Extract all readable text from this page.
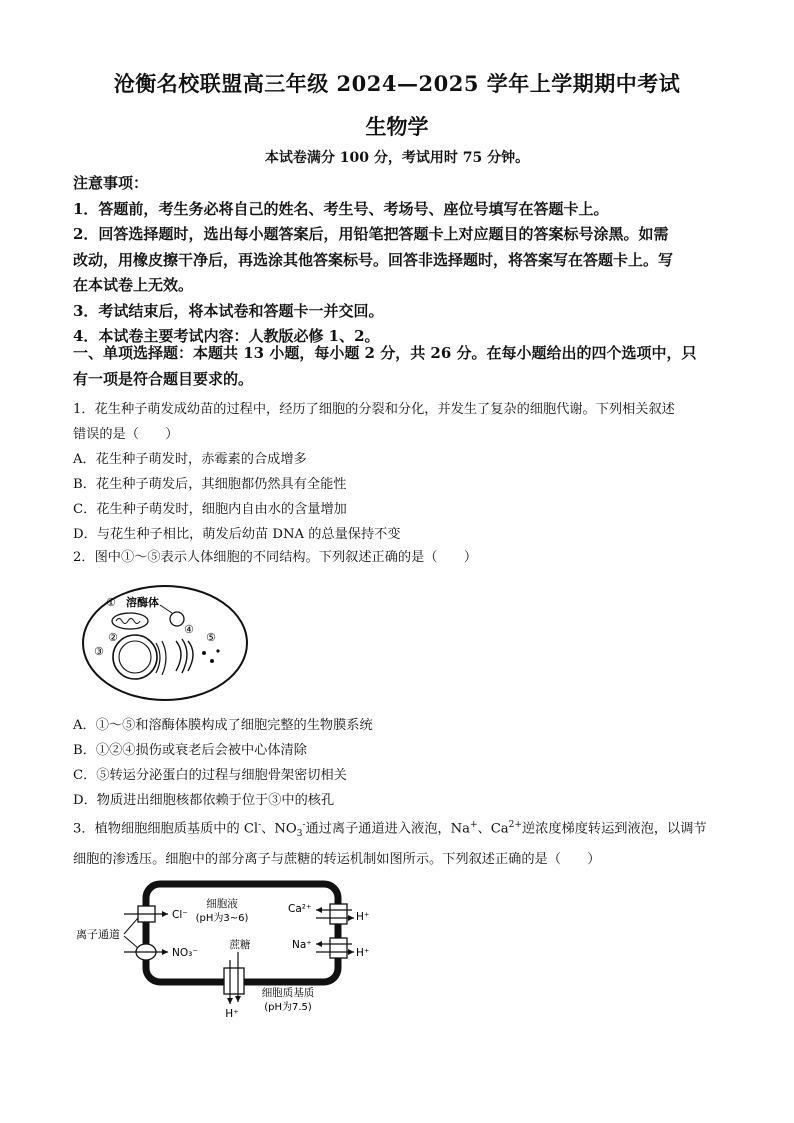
沧衡名校联盟高三年级 2024—2025 学年上学期期中考试
生物学
本试卷满分 100 分，考试用时 75 分钟。
注意事项：
1．答题前，考生务必将自己的姓名、考生号、考场号、座位号填写在答题卡上。
2．回答选择题时，选出每小题答案后，用铅笔把答题卡上对应题目的答案标号涂黑。如需
改动，用橡皮擦干净后，再选涂其他答案标号。回答非选择题时，将答案写在答题卡上。写
在本试卷上无效。
3．考试结束后，将本试卷和答题卡一并交回。
4．本试卷主要考试内容：人教版必修 1、2。
一、单项选择题：本题共 13 小题，每小题 2 分，共 26 分。在每小题给出的四个选项中，只
有一项是符合题目要求的。
1．花生种子萌发成幼苗的过程中，经历了细胞的分裂和分化，并发生了复杂的细胞代谢。下列相关叙述
错误的是（　　）
A．花生种子萌发时，赤霉素的合成增多
B．花生种子萌发后，其细胞都仍然具有全能性
C．花生种子萌发时，细胞内自由水的含量增加
D．与花生种子相比，萌发后幼苗 DNA 的总量保持不变
2．图中①～⑤表示人体细胞的不同结构。下列叙述正确的是（　　）
① 溶酶体
②
③
④
⑤
A．①～⑤和溶酶体膜构成了细胞完整的生物膜系统
B．①②④损伤或衰老后会被中心体清除
C．⑤转运分泌蛋白的过程与细胞骨架密切相关
D．物质进出细胞核都依赖于位于③中的核孔
3．植物细胞细胞质基质中的 Cl-、$NO_3^-$通过离子通道进入液泡，Na+、$Ca^{2+}$逆浓度梯度转运到液泡，以调节
细胞的渗透压。细胞中的部分离子与蔗糖的转运机制如图所示。下列叙述正确的是（　　）
细胞液
(pH为3~6)
Cl⁻
NO₃⁻
离子通道
Ca²⁺
H⁺
Na⁺
H⁺
蔗糖
H⁺
细胞质基质
(pH为7.5)
